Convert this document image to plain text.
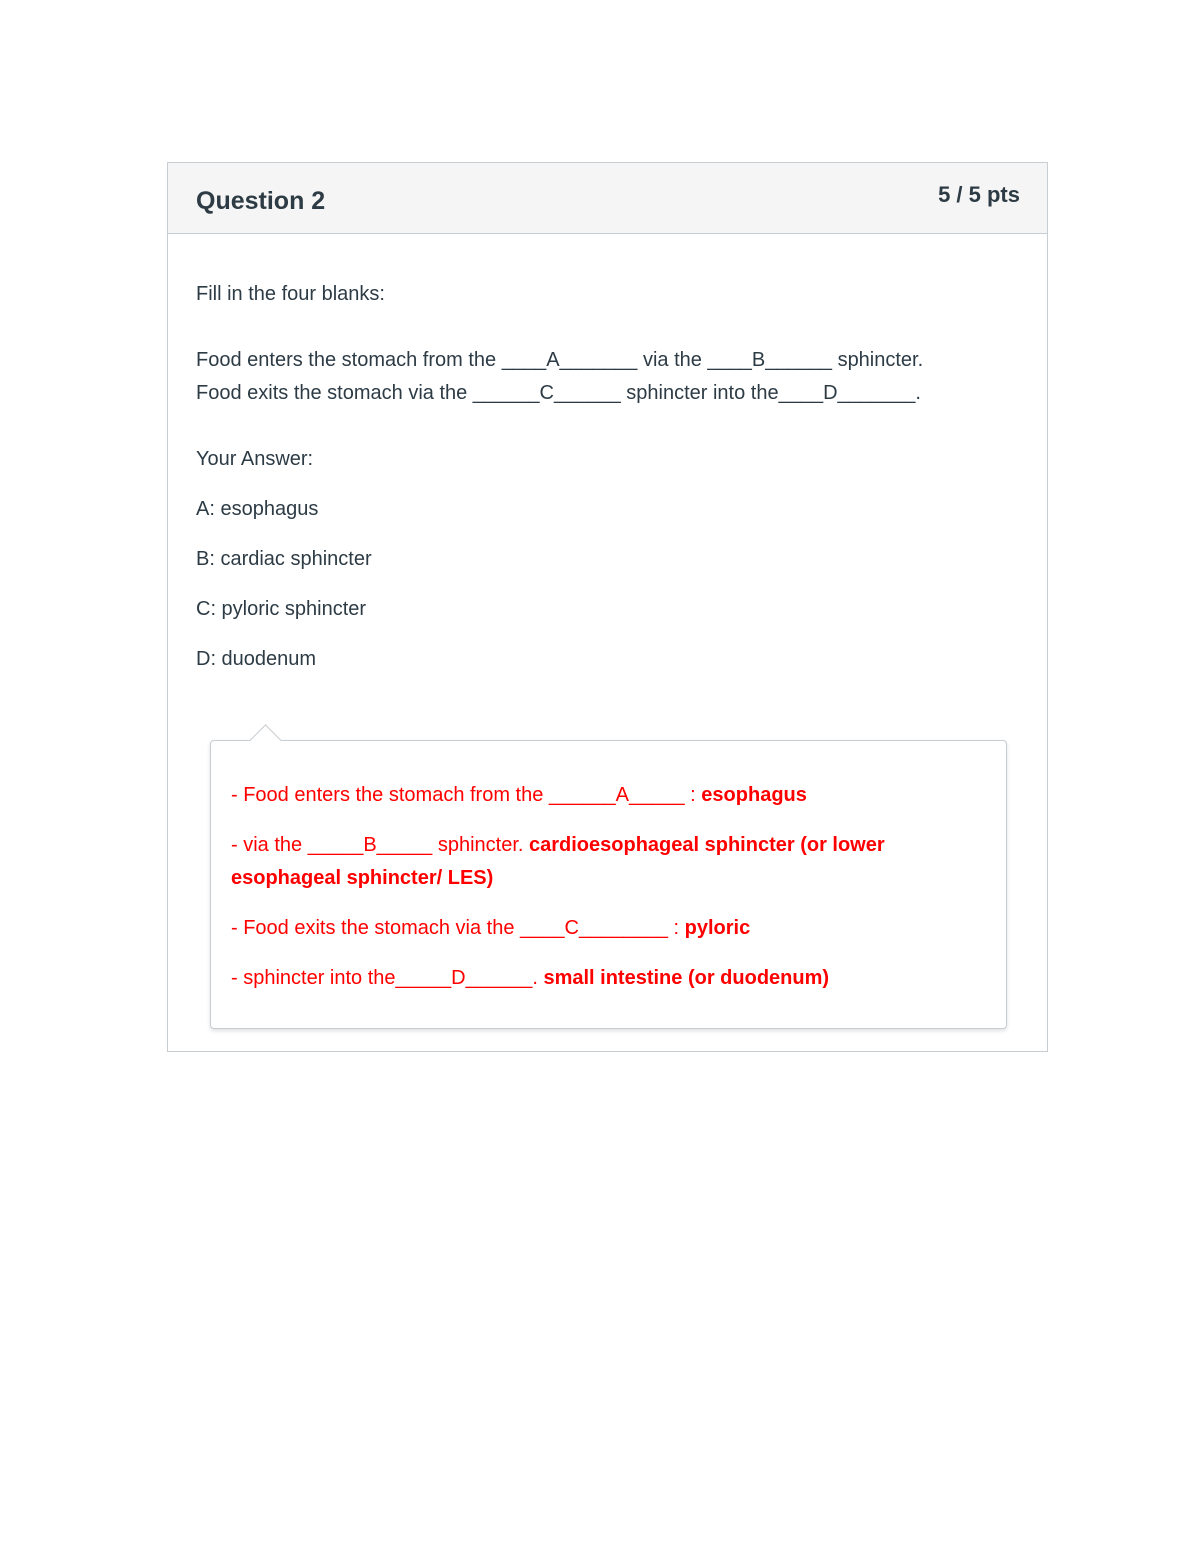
Question 2	5 / 5 pts

Fill in the four blanks:

Food enters the stomach from the ____A_______ via the ____B______ sphincter.

Food exits the stomach via the ______C______ sphincter into the____D_______.

Your Answer:

A: esophagus

B: cardiac sphincter

C: pyloric sphincter

D: duodenum

- Food enters the stomach from the ______A_____ : esophagus

- via the _____B_____ sphincter. cardioesophageal sphincter (or lower esophageal sphincter/ LES)

- Food exits the stomach via the ____C________ : pyloric

- sphincter into the_____D______. small intestine (or duodenum)
